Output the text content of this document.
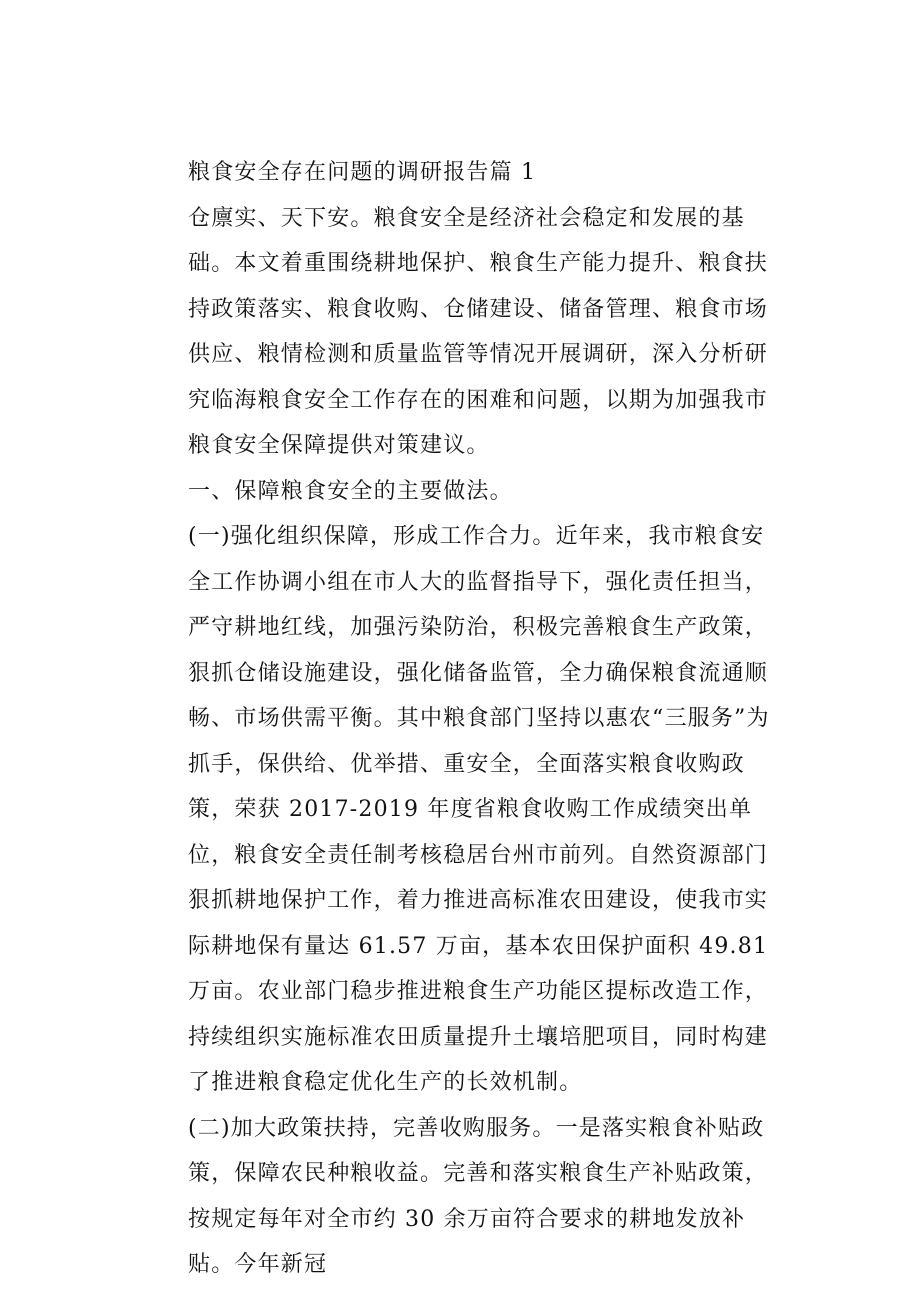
粮食安全存在问题的调研报告篇 1

仓廪实、天下安。粮食安全是经济社会稳定和发展的基础。本文着重围绕耕地保护、粮食生产能力提升、粮食扶持政策落实、粮食收购、仓储建设、储备管理、粮食市场供应、粮情检测和质量监管等情况开展调研，深入分析研究临海粮食安全工作存在的困难和问题，以期为加强我市粮食安全保障提供对策建议。

一、保障粮食安全的主要做法。

(一)强化组织保障，形成工作合力。近年来，我市粮食安全工作协调小组在市人大的监督指导下，强化责任担当，严守耕地红线，加强污染防治，积极完善粮食生产政策，狠抓仓储设施建设，强化储备监管，全力确保粮食流通顺畅、市场供需平衡。其中粮食部门坚持以惠农“三服务”为抓手，保供给、优举措、重安全，全面落实粮食收购政策，荣获 2017-2019 年度省粮食收购工作成绩突出单位，粮食安全责任制考核稳居台州市前列。自然资源部门狠抓耕地保护工作，着力推进高标准农田建设，使我市实际耕地保有量达 61.57 万亩，基本农田保护面积 49.81 万亩。农业部门稳步推进粮食生产功能区提标改造工作，持续组织实施标准农田质量提升土壤培肥项目，同时构建了推进粮食稳定优化生产的长效机制。

(二)加大政策扶持，完善收购服务。一是落实粮食补贴政策，保障农民种粮收益。完善和落实粮食生产补贴政策，按规定每年对全市约 30 余万亩符合要求的耕地发放补贴。今年新冠
